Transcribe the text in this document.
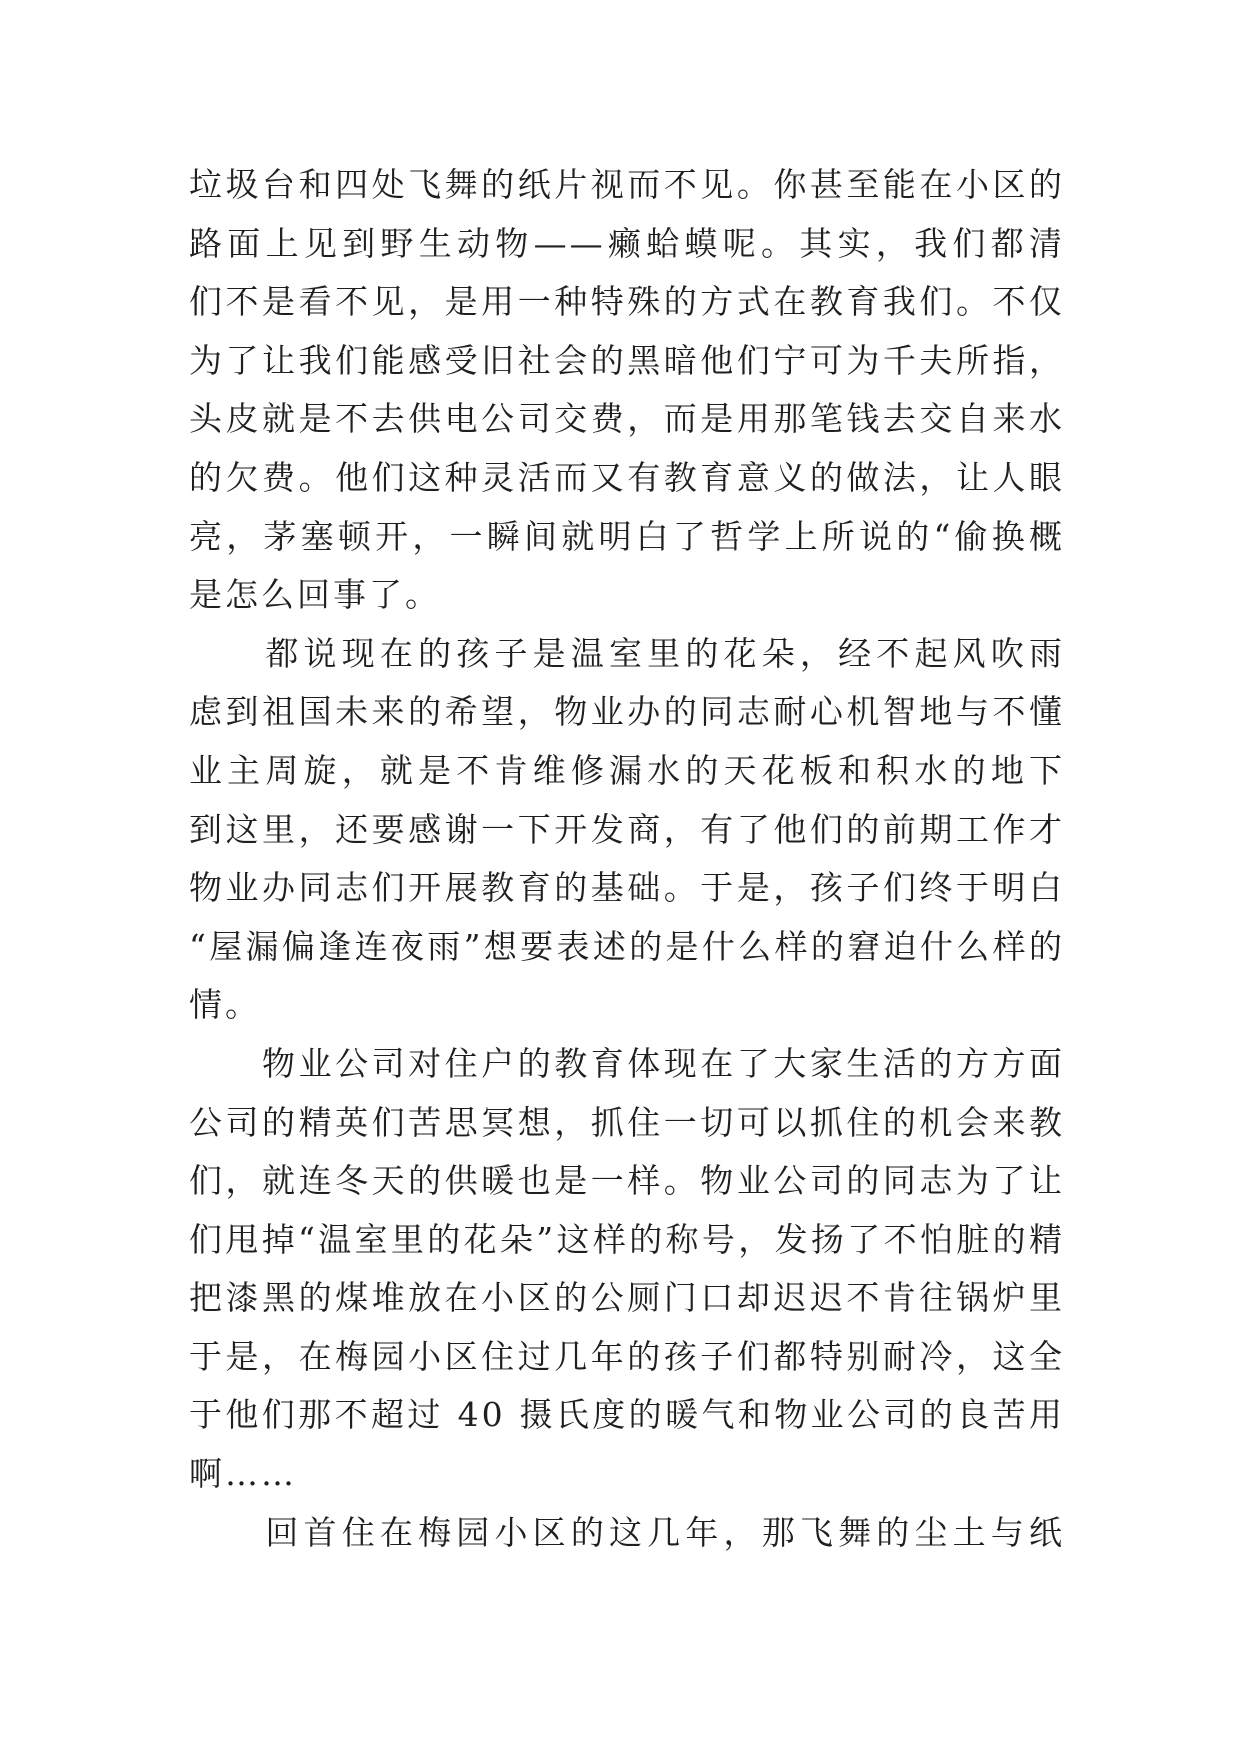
垃圾台和四处飞舞的纸片视而不见。你甚至能在小区的
路面上见到野生动物——癞蛤蟆呢。其实，我们都清
们不是看不见，是用一种特殊的方式在教育我们。不仅
为了让我们能感受旧社会的黑暗他们宁可为千夫所指，
头皮就是不去供电公司交费，而是用那笔钱去交自来水
的欠费。他们这种灵活而又有教育意义的做法，让人眼
亮，茅塞顿开，一瞬间就明白了哲学上所说的“偷换概
是怎么回事了。
　　都说现在的孩子是温室里的花朵，经不起风吹雨
虑到祖国未来的希望，物业办的同志耐心机智地与不懂
业主周旋，就是不肯维修漏水的天花板和积水的地下
到这里，还要感谢一下开发商，有了他们的前期工作才
物业办同志们开展教育的基础。于是，孩子们终于明白
“屋漏偏逢连夜雨”想要表述的是什么样的窘迫什么样的
情。
　　物业公司对住户的教育体现在了大家生活的方方面
公司的精英们苦思冥想，抓住一切可以抓住的机会来教
们，就连冬天的供暖也是一样。物业公司的同志为了让
们甩掉“温室里的花朵”这样的称号，发扬了不怕脏的精
把漆黑的煤堆放在小区的公厕门口却迟迟不肯往锅炉里
于是，在梅园小区住过几年的孩子们都特别耐冷，这全
于他们那不超过 40 摄氏度的暖气和物业公司的良苦用
啊……
　　回首住在梅园小区的这几年，那飞舞的尘土与纸
